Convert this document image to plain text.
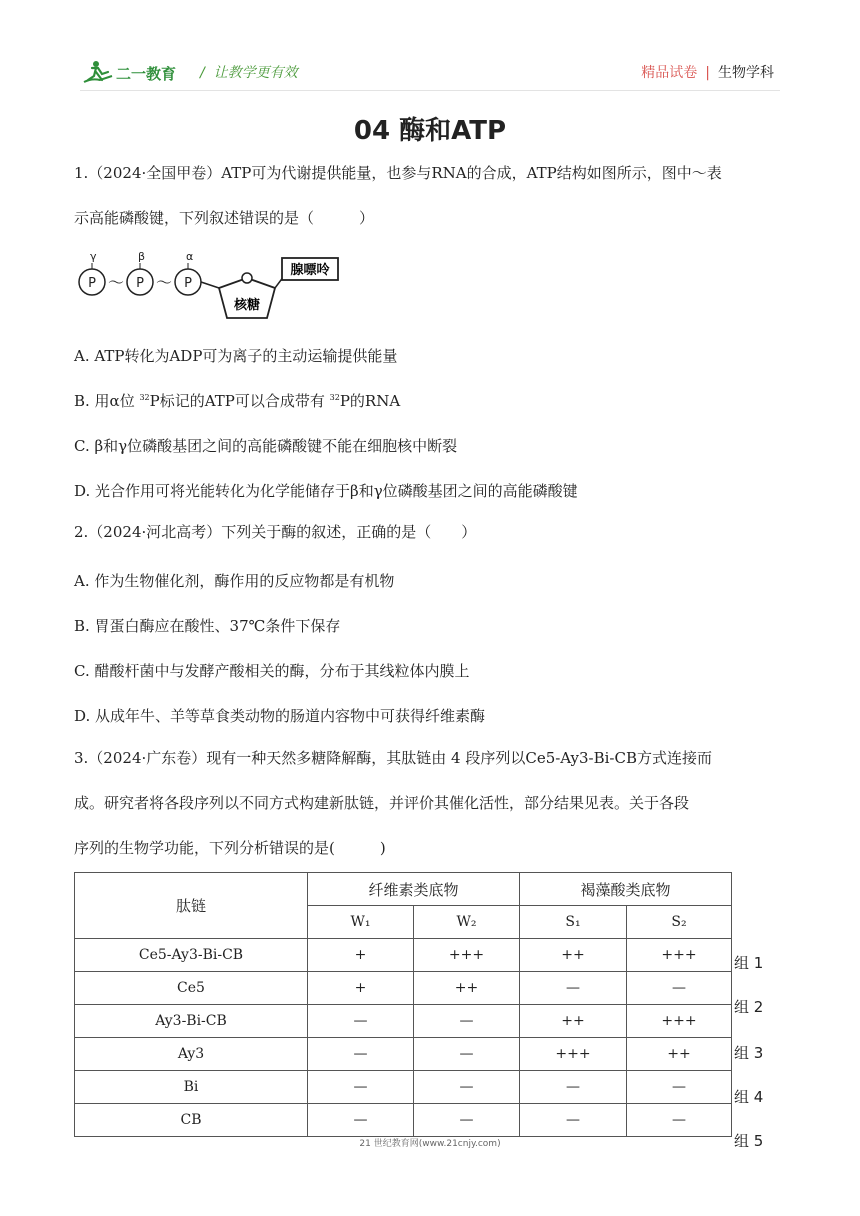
二一教育 /  让教学更有效	精品试卷 | 生物学科
04 酶和ATP
1.（2024·全国甲卷）ATP可为代谢提供能量，也参与RNA的合成，ATP结构如图所示，图中～表
示高能磷酸键，下列叙述错误的是（　　　）
γ	β	α
P	P	P
～ ～
核糖
腺嘌呤
A. ATP转化为ADP可为离子的主动运输提供能量
B. 用α位 $^{32}$P标记的ATP可以合成带有 $^{32}$P的RNA
C. β和γ位磷酸基团之间的高能磷酸键不能在细胞核中断裂
D. 光合作用可将光能转化为化学能储存于β和γ位磷酸基团之间的高能磷酸键
2.（2024·河北高考）下列关于酶的叙述，正确的是（　　）
A. 作为生物催化剂，酶作用的反应物都是有机物
B. 胃蛋白酶应在酸性、37℃条件下保存
C. 醋酸杆菌中与发酵产酸相关的酶，分布于其线粒体内膜上
D. 从成年牛、羊等草食类动物的肠道内容物中可获得纤维素酶
3.（2024·广东卷）现有一种天然多糖降解酶，其肽链由 4 段序列以Ce5-Ay3-Bi-CB方式连接而
成。研究者将各段序列以不同方式构建新肽链，并评价其催化活性，部分结果见表。关于各段
序列的生物学功能，下列分析错误的是(　　　)
肽链	纤维素类底物		褐藻酸类底物	
	W₁	W₂	S₁	S₂
Ce5-Ay3-Bi-CB	+	+++	++	+++
Ce5	+	++	—	—
Ay3-Bi-CB	—	—	++	+++
Ay3	—	—	+++	++
Bi	—	—	—	—
CB	—	—	—	—
组 1
组 2
组 3
组 4
组 5
21 世纪教育网(www.21cnjy.com)
